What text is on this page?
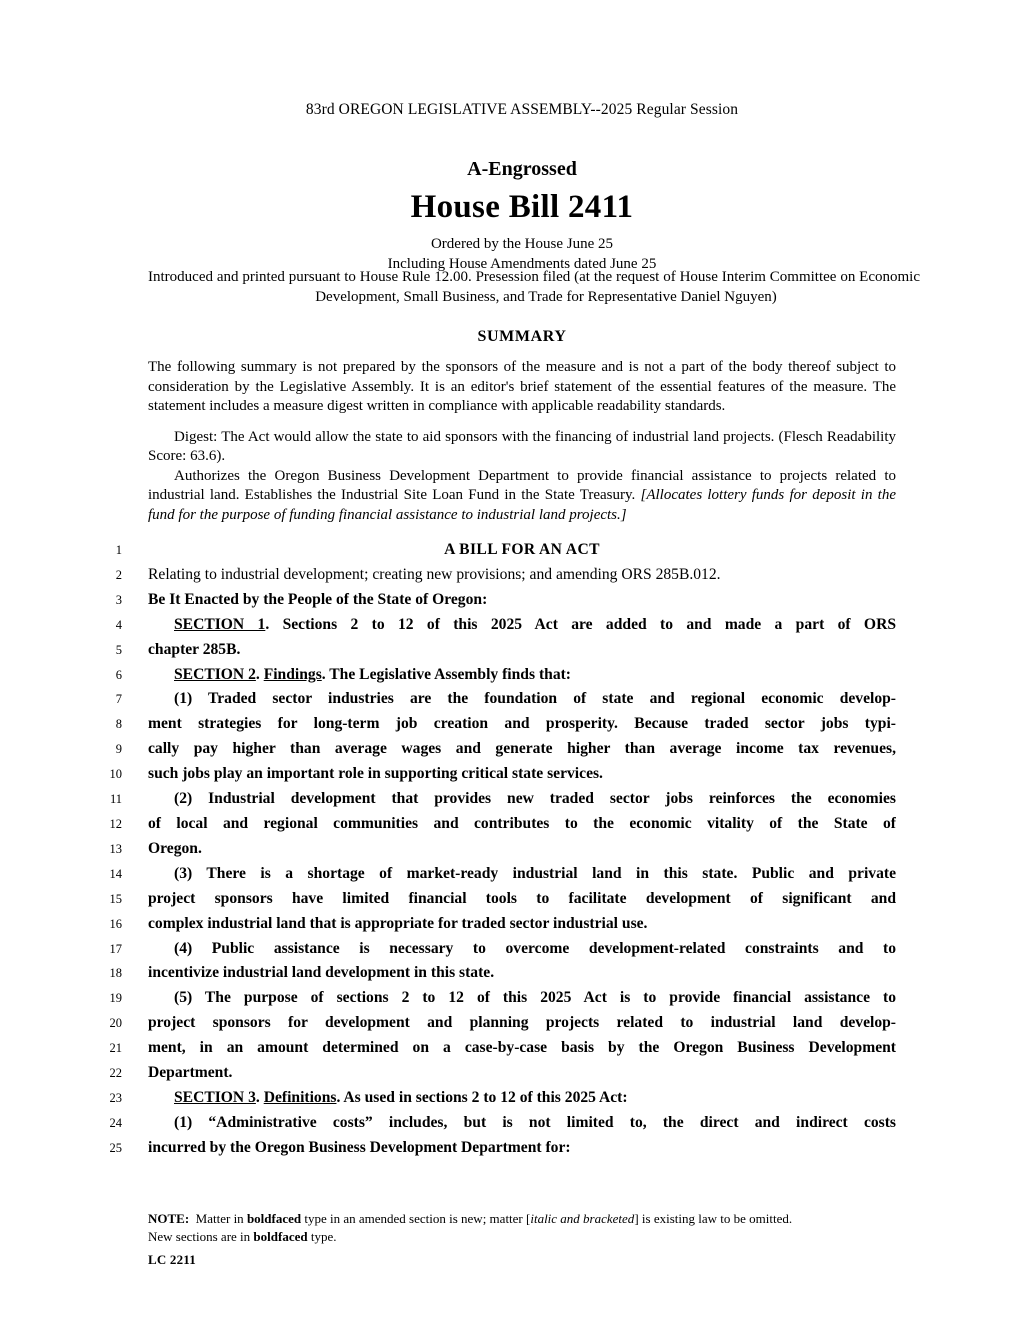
83rd OREGON LEGISLATIVE ASSEMBLY--2025 Regular Session
A-Engrossed
House Bill 2411
Ordered by the House June 25
Including House Amendments dated June 25
Introduced and printed pursuant to House Rule 12.00. Presession filed (at the request of House Interim Committee on Economic Development, Small Business, and Trade for Representative Daniel Nguyen)
SUMMARY

The following summary is not prepared by the sponsors of the measure and is not a part of the body thereof subject to consideration by the Legislative Assembly. It is an editor's brief statement of the essential features of the measure. The statement includes a measure digest written in compliance with applicable readability standards.

Digest: The Act would allow the state to aid sponsors with the financing of industrial land projects. (Flesch Readability Score: 63.6).

Authorizes the Oregon Business Development Department to provide financial assistance to projects related to industrial land. Establishes the Industrial Site Loan Fund in the State Treasury. [Allocates lottery funds for deposit in the fund for the purpose of funding financial assistance to industrial land projects.]

1	A BILL FOR AN ACT
2 Relating to industrial development; creating new provisions; and amending ORS 285B.012.
3 Be It Enacted by the People of the State of Oregon:
4	SECTION 1. Sections 2 to 12 of this 2025 Act are added to and made a part of ORS
5 chapter 285B.
6	SECTION 2. Findings. The Legislative Assembly finds that:
7	(1) Traded sector industries are the foundation of state and regional economic develop-
8 ment strategies for long-term job creation and prosperity. Because traded sector jobs typi-
9 cally pay higher than average wages and generate higher than average income tax revenues,
10 such jobs play an important role in supporting critical state services.
11	(2) Industrial development that provides new traded sector jobs reinforces the economies
12 of local and regional communities and contributes to the economic vitality of the State of
13 Oregon.
14	(3) There is a shortage of market-ready industrial land in this state. Public and private
15 project sponsors have limited financial tools to facilitate development of significant and
16 complex industrial land that is appropriate for traded sector industrial use.
17	(4) Public assistance is necessary to overcome development-related constraints and to
18 incentivize industrial land development in this state.
19	(5) The purpose of sections 2 to 12 of this 2025 Act is to provide financial assistance to
20 project sponsors for development and planning projects related to industrial land develop-
21 ment, in an amount determined on a case-by-case basis by the Oregon Business Development
22 Department.
23	SECTION 3. Definitions. As used in sections 2 to 12 of this 2025 Act:
24	(1) “Administrative costs” includes, but is not limited to, the direct and indirect costs
25 incurred by the Oregon Business Development Department for:
NOTE: Matter in boldfaced type in an amended section is new; matter [italic and bracketed] is existing law to be omitted.
New sections are in boldfaced type.
LC 2211
